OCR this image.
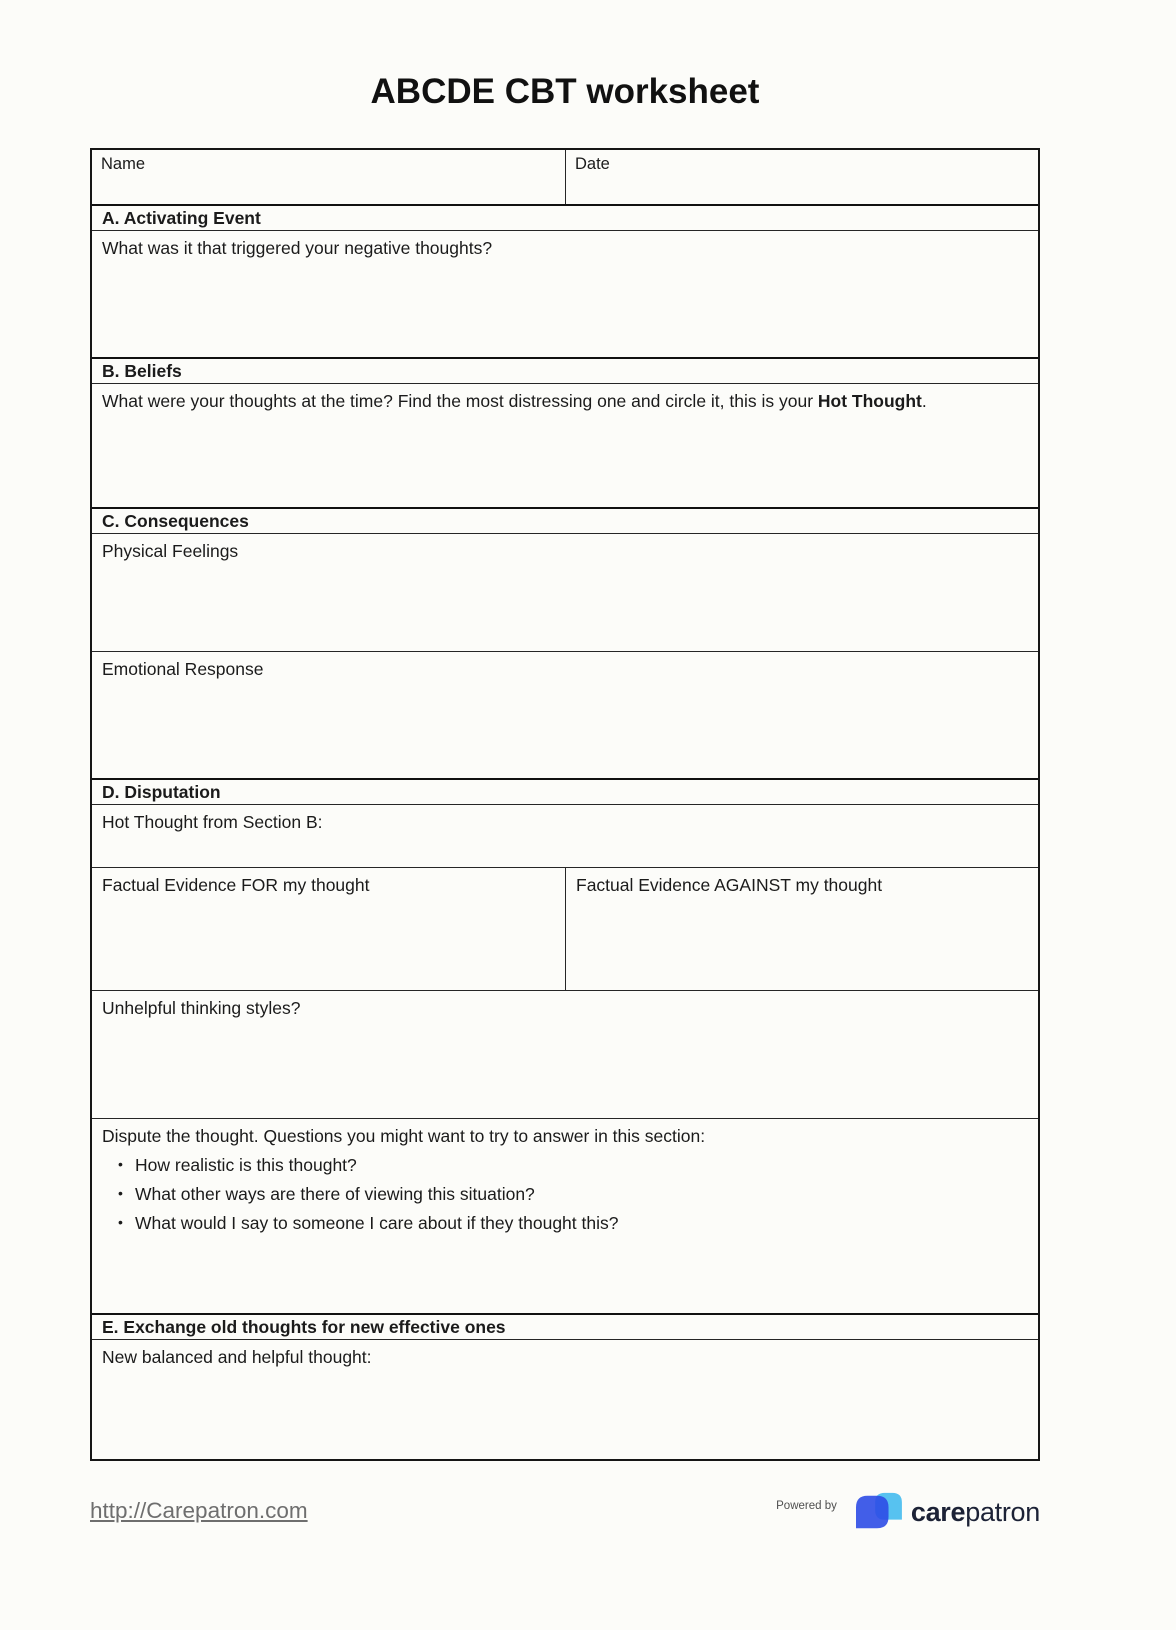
ABCDE CBT worksheet
Name	Date
A. Activating Event
What was it that triggered your negative thoughts?
B. Beliefs
What were your thoughts at the time? Find the most distressing one and circle it, this is your Hot Thought.
C. Consequences
Physical Feelings
Emotional Response
D. Disputation
Hot Thought from Section B:
Factual Evidence FOR my thought	Factual Evidence AGAINST my thought
Unhelpful thinking styles?

Dispute the thought. Questions you might want to try to answer in this section:

• How realistic is this thought?
• What other ways are there of viewing this situation?
• What would I say to someone I care about if they thought this?
E. Exchange old thoughts for new effective ones
New balanced and helpful thought:
http://Carepatron.com	Powered by	carepatron
